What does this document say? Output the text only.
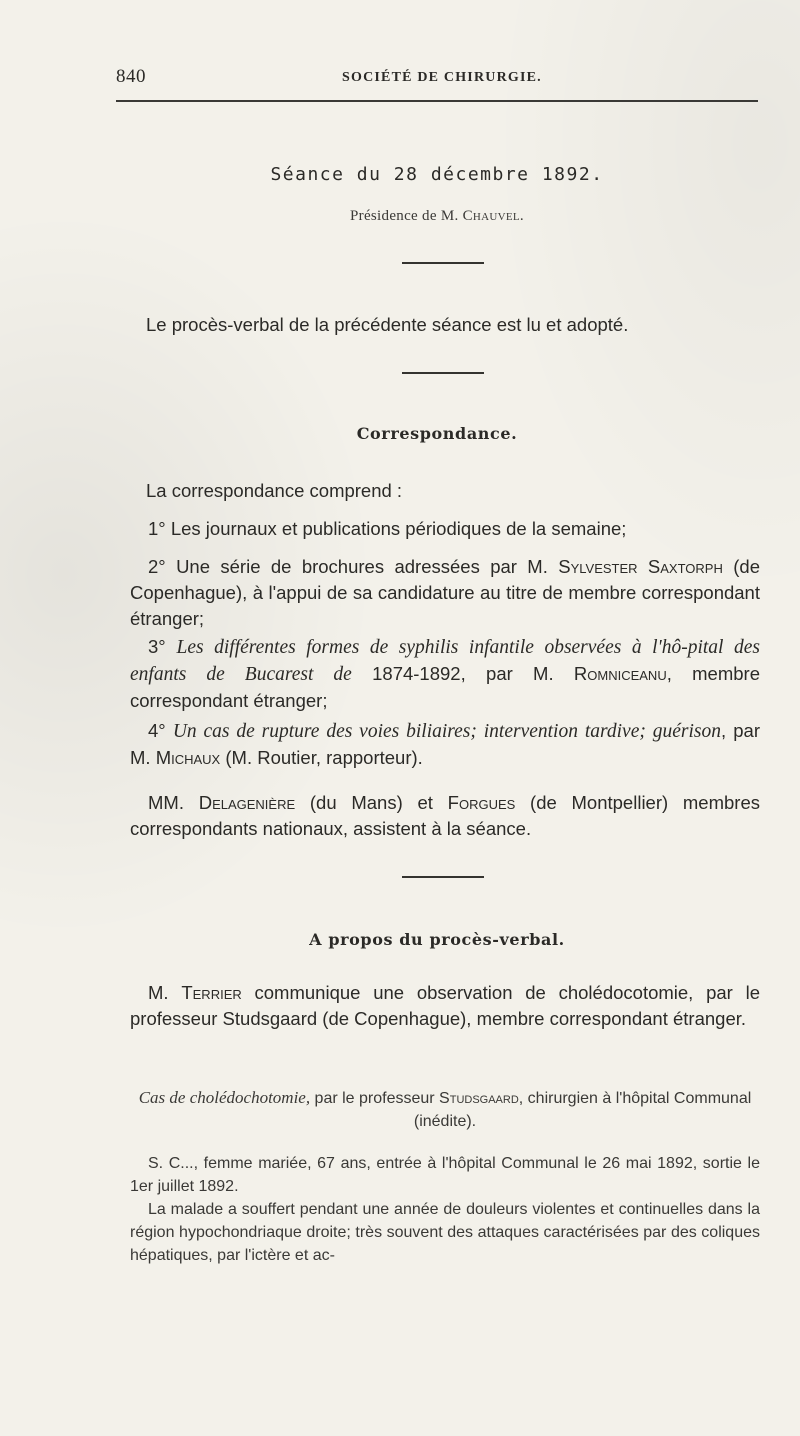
840	SOCIÉTÉ DE CHIRURGIE.
Séance du 28 décembre 1892.
Présidence de M. Chauvel.
Le procès-verbal de la précédente séance est lu et adopté.
Correspondance.
La correspondance comprend :
1° Les journaux et publications périodiques de la semaine;
2° Une série de brochures adressées par M. Sylvester Saxtorph (de Copenhague), à l'appui de sa candidature au titre de membre correspondant étranger;
3° Les différentes formes de syphilis infantile observées à l'hô-pital des enfants de Bucarest de 1874-1892, par M. Romniceanu, membre correspondant étranger;
4° Un cas de rupture des voies biliaires; intervention tardive; guérison, par M. Michaux (M. Routier, rapporteur).
MM. Delagenière (du Mans) et Forgues (de Montpellier) membres correspondants nationaux, assistent à la séance.
A propos du procès-verbal.
M. Terrier communique une observation de cholédocotomie, par le professeur Studsgaard (de Copenhague), membre correspondant étranger.
Cas de cholédochotomie, par le professeur Studsgaard, chirurgien à l'hôpital Communal (inédite).
S. C..., femme mariée, 67 ans, entrée à l'hôpital Communal le 26 mai 1892, sortie le 1er juillet 1892.
La malade a souffert pendant une année de douleurs violentes et continuelles dans la région hypochondriaque droite; très souvent des attaques caractérisées par des coliques hépatiques, par l'ictère et ac-
